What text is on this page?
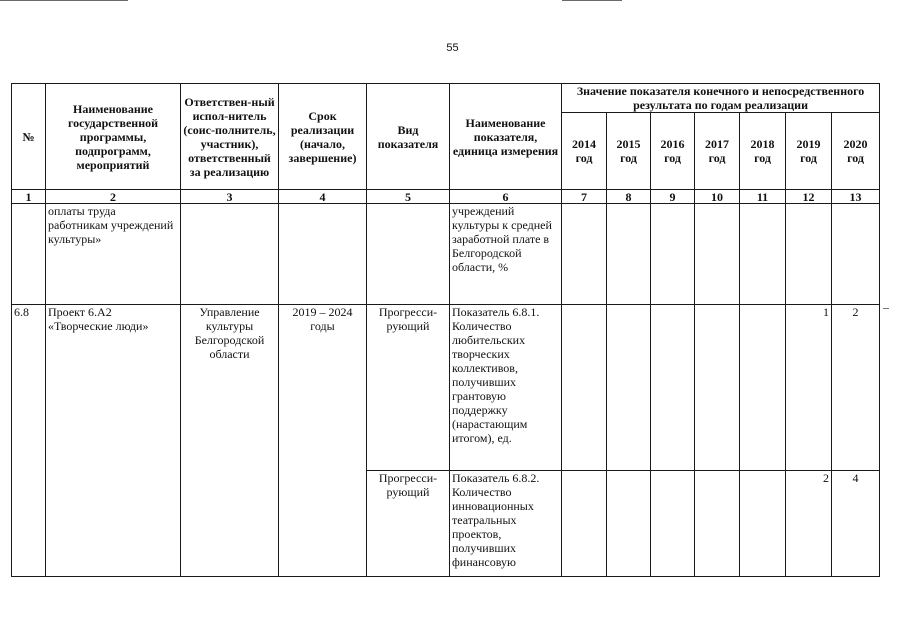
55
№	Наименование государственной программы, подпрограмм, мероприятий	Ответствен-ный испол-нитель (соис-полнитель, участник), ответственный за реализацию	Срок реализации (начало, завершение)	Вид показателя	Наименование показателя, единица измерения	Значение показателя конечного и непосредственного результата по годам реализации						
						2014 год	2015 год	2016 год	2017 год	2018 год	2019 год	2020 год
1	2	3	4	5	6	7	8	9	10	11	12	13
	оплаты труда работникам учреждений культуры»				учреждений культуры к средней заработной плате в Белгородской области, %							
6.8	Проект 6.А2 «Творческие люди»	Управление культуры Белгородской области	2019 – 2024 годы	Прогресси-рующий	Показатель 6.8.1. Количество любительских творческих коллективов, получивших грантовую поддержку (нарастающим итогом), ед.						1	2
				Прогресси-рующий	Показатель 6.8.2. Количество инновационных театральных проектов, получивших финансовую						2	4
